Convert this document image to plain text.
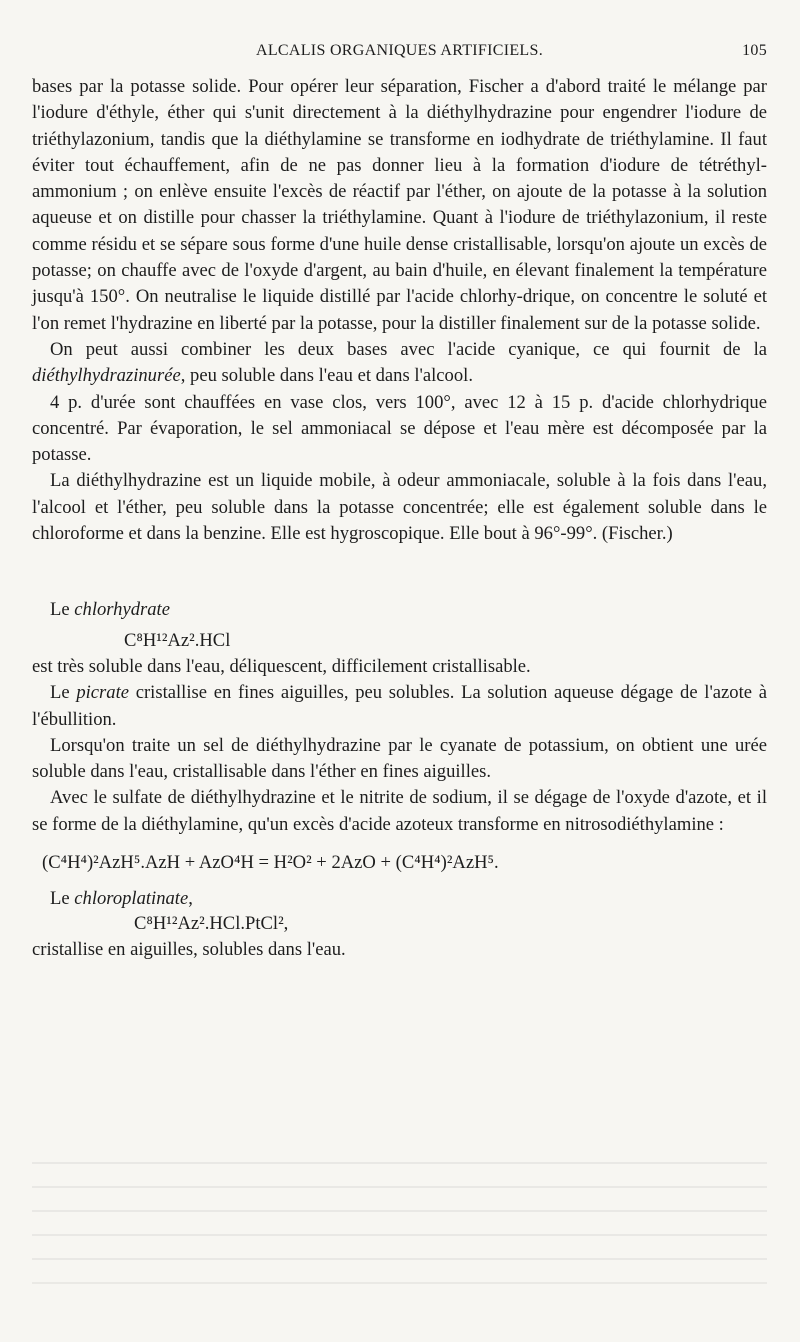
ALCALIS ORGANIQUES ARTIFICIELS.	105

bases par la potasse solide. Pour opérer leur séparation, Fischer a d'abord traité le mélange par l'iodure d'éthyle, éther qui s'unit directement à la diéthylhydrazine pour engendrer l'iodure de triéthylazonium, tandis que la diéthylamine se transforme en iodhydrate de triéthylamine. Il faut éviter tout échauffement, afin de ne pas donner lieu à la formation d'iodure de tétréthyl-ammonium ; on enlève ensuite l'excès de réactif par l'éther, on ajoute de la potasse à la solution aqueuse et on distille pour chasser la triéthylamine. Quant à l'iodure de triéthylazonium, il reste comme résidu et se sépare sous forme d'une huile dense cristallisable, lorsqu'on ajoute un excès de potasse; on chauffe avec de l'oxyde d'argent, au bain d'huile, en élevant finalement la température jusqu'à 150°. On neutralise le liquide distillé par l'acide chlorhy-drique, on concentre le soluté et l'on remet l'hydrazine en liberté par la potasse, pour la distiller finalement sur de la potasse solide.

On peut aussi combiner les deux bases avec l'acide cyanique, ce qui fournit de la diéthylhydrazinurée, peu soluble dans l'eau et dans l'alcool.

4 p. d'urée sont chauffées en vase clos, vers 100°, avec 12 à 15 p. d'acide chlorhydrique concentré. Par évaporation, le sel ammoniacal se dépose et l'eau mère est décomposée par la potasse.

La diéthylhydrazine est un liquide mobile, à odeur ammoniacale, soluble à la fois dans l'eau, l'alcool et l'éther, peu soluble dans la potasse concentrée; elle est également soluble dans le chloroforme et dans la benzine. Elle est hygroscopique. Elle bout à 96°-99°. (Fischer.)

Le chlorhydrate

C⁸H¹²Az².HCl

est très soluble dans l'eau, déliquescent, difficilement cristallisable.

Le picrate cristallise en fines aiguilles, peu solubles. La solution aqueuse dégage de l'azote à l'ébullition.

Lorsqu'on traite un sel de diéthylhydrazine par le cyanate de potassium, on obtient une urée soluble dans l'eau, cristallisable dans l'éther en fines aiguilles.

Avec le sulfate de diéthylhydrazine et le nitrite de sodium, il se dégage de l'oxyde d'azote, et il se forme de la diéthylamine, qu'un excès d'acide azoteux transforme en nitrosodiéthylamine :

(C⁴H⁴)²AzH⁵.AzH + AzO⁴H = H²O² + 2AzO + (C⁴H⁴)²AzH⁵.

Le chloroplatinate,

C⁸H¹²Az².HCl.PtCl²,

cristallise en aiguilles, solubles dans l'eau.
